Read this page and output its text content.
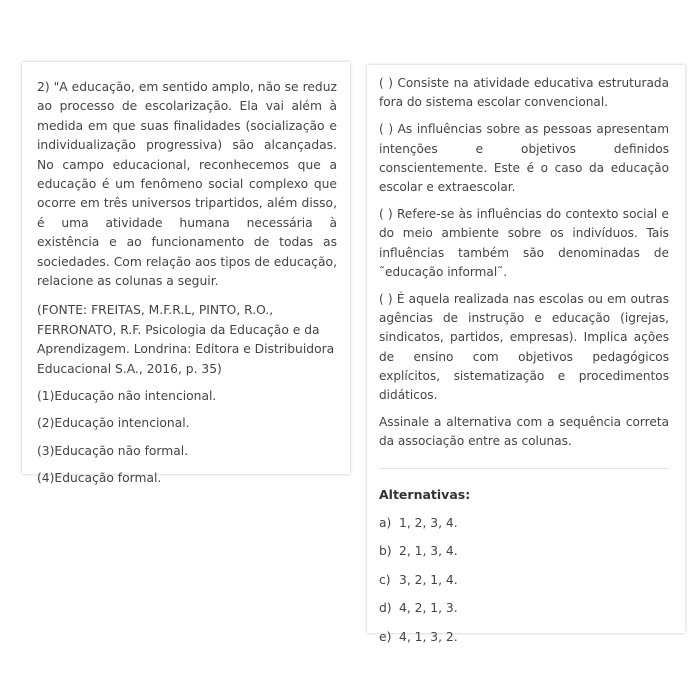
2) "A educação, em sentido amplo, não se reduz ao processo de escolarização. Ela vai além à medida em que suas finalidades (socialização e individualização progressiva) são alcançadas. No campo educacional, reconhecemos que a educação é um fenômeno social complexo que ocorre em três universos tripartidos, além disso, é uma atividade humana necessária à existência e ao funcionamento de todas as sociedades. Com relação aos tipos de educação, relacione as colunas a seguir.

(FONTE: FREITAS, M.F.R.L, PINTO, R.O., FERRONATO, R.F. Psicologia da Educação e da Aprendizagem. Londrina: Editora e Distribuidora Educacional S.A., 2016, p. 35)

(1)Educação não intencional.

(2)Educação intencional.

(3)Educação não formal.

(4)Educação formal.

( ) Consiste na atividade educativa estruturada fora do sistema escolar convencional.

( ) As influências sobre as pessoas apresentam intenções e objetivos definidos conscientemente. Este é o caso da educação escolar e extraescolar.

( ) Refere-se às influências do contexto social e do meio ambiente sobre os indivíduos. Tais influências também são denominadas de ˜educação informal˜.

( ) É aquela realizada nas escolas ou em outras agências de instrução e educação (igrejas, sindicatos, partidos, empresas). Implica ações de ensino com objetivos pedagógicos explícitos, sistematização e procedimentos didáticos.

Assinale a alternativa com a sequência correta da associação entre as colunas.

Alternativas:

a) 1, 2, 3, 4.
b) 2, 1, 3, 4.
c) 3, 2, 1, 4.
d) 4, 2, 1, 3.
e) 4, 1, 3, 2.
